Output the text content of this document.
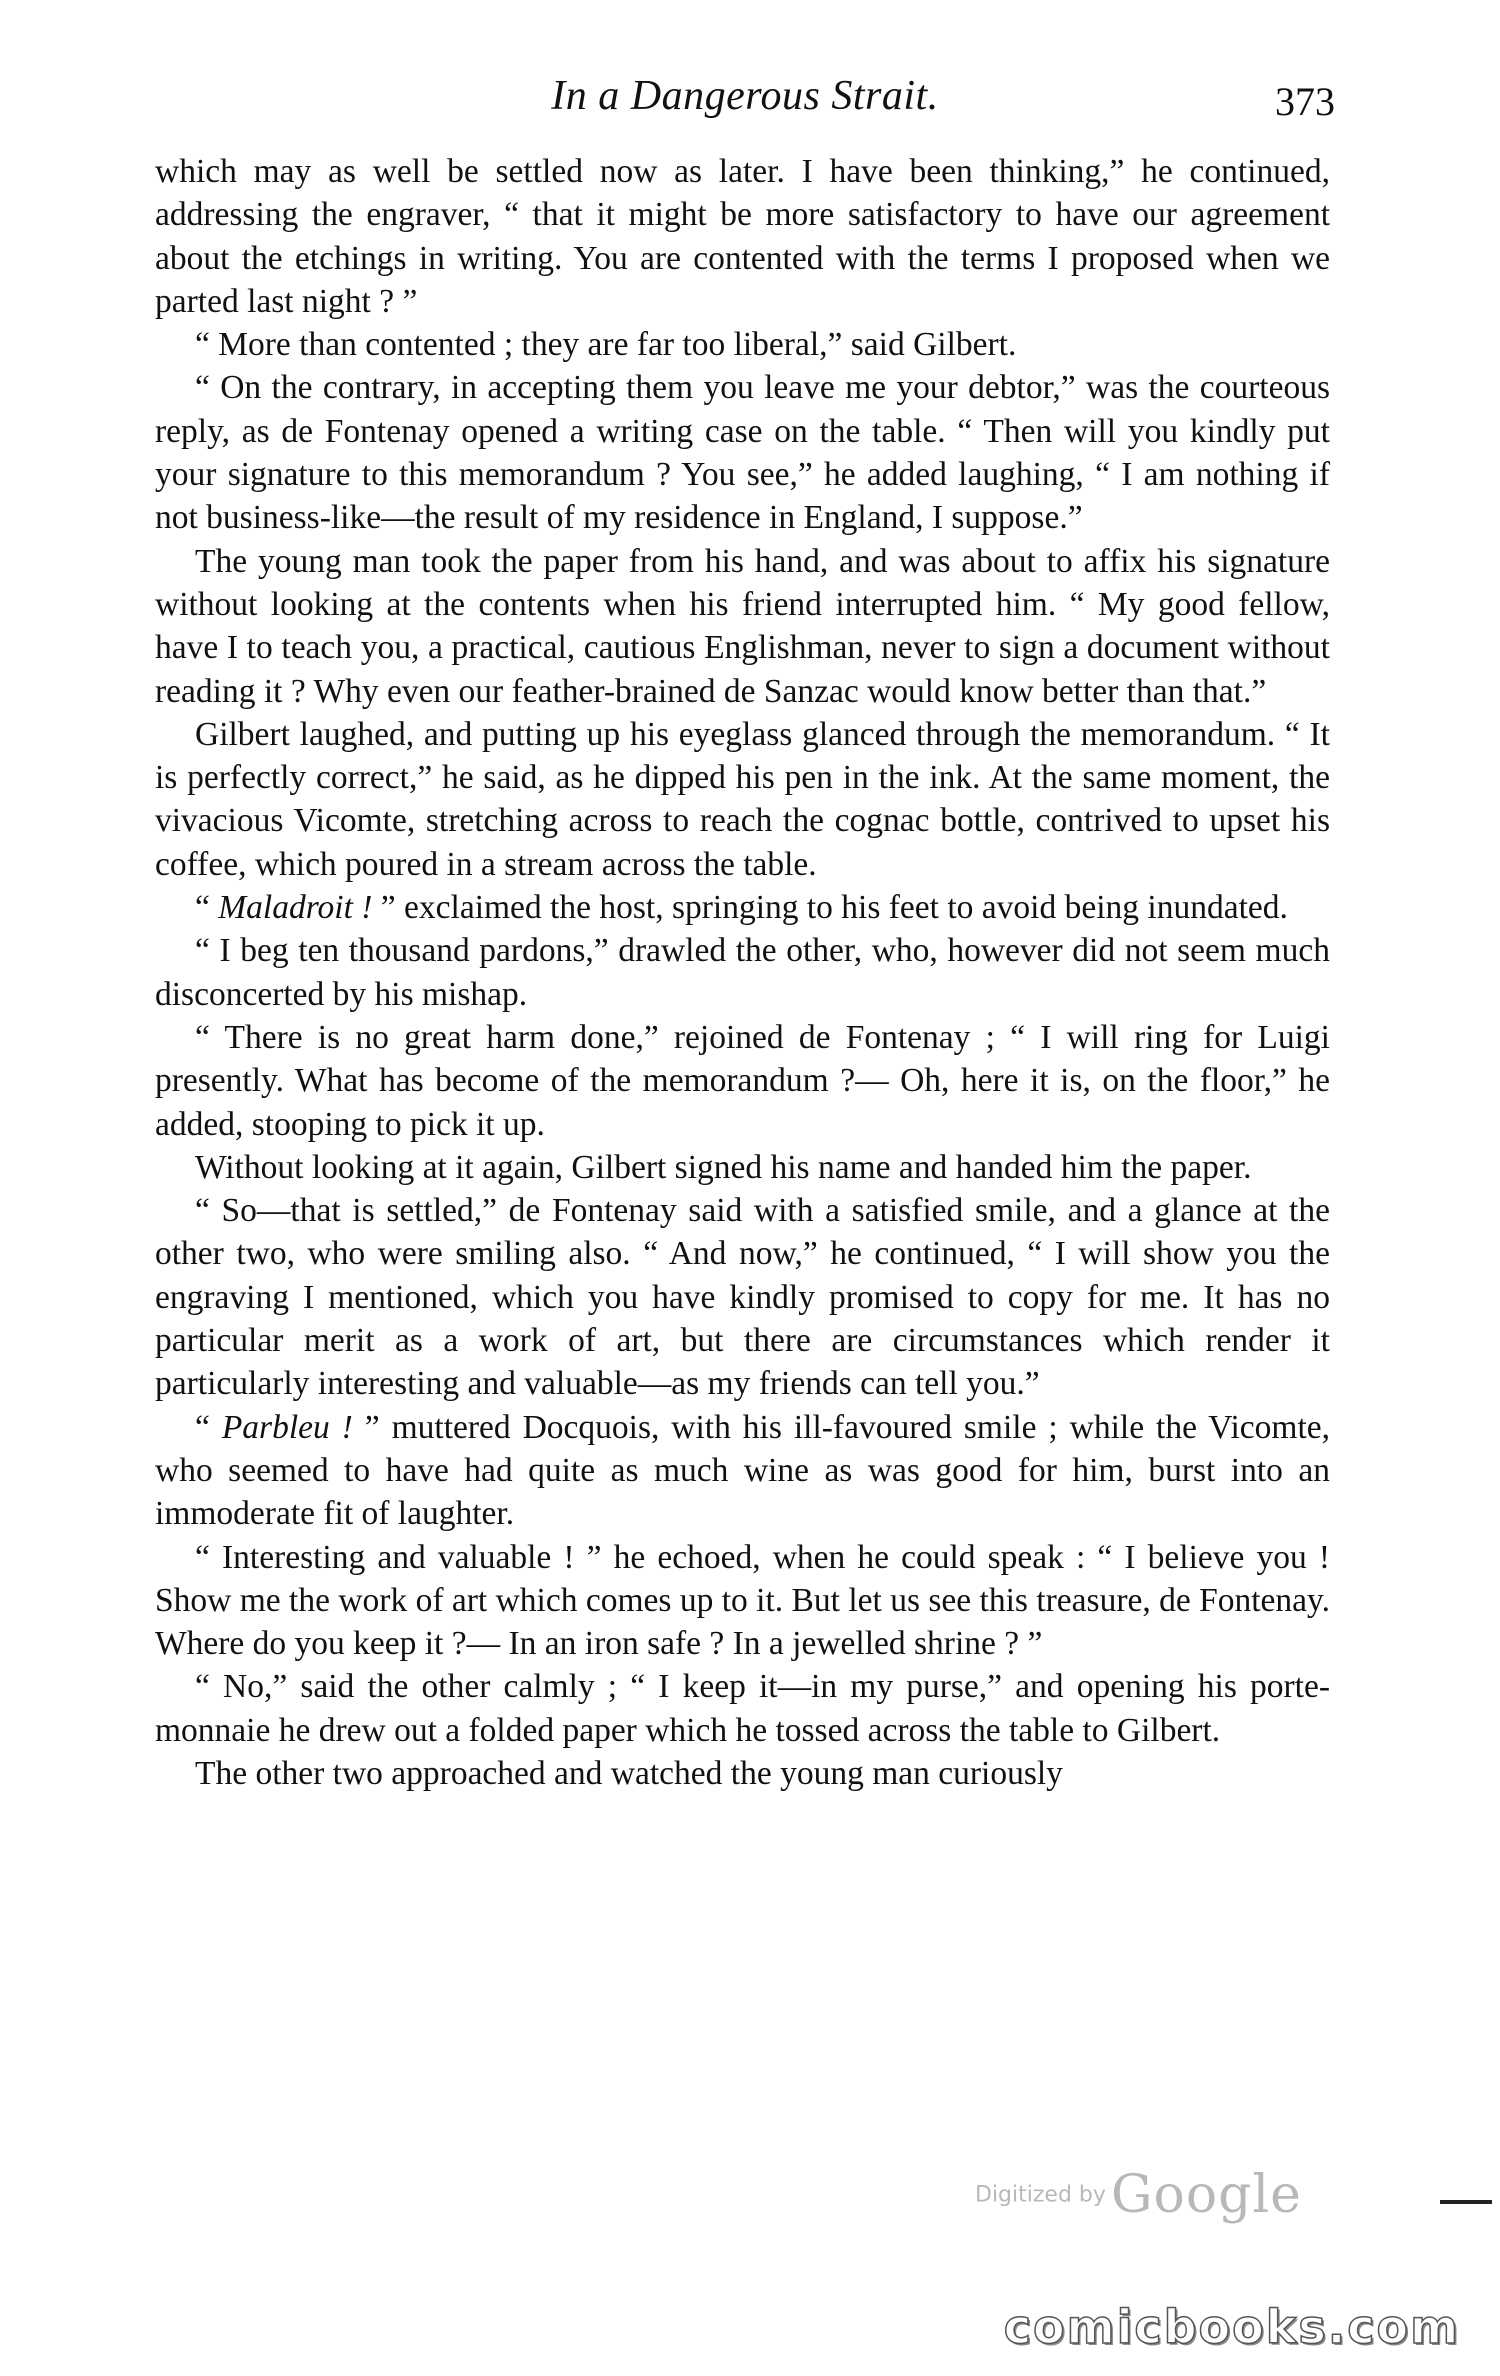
In a Dangerous Strait.	373

which may as well be settled now as later. I have been thinking,” he continued, addressing the engraver, “ that it might be more satisfactory to have our agreement about the etchings in writing. You are contented with the terms I proposed when we parted last night ? ”

“ More than contented ; they are far too liberal,” said Gilbert.

“ On the contrary, in accepting them you leave me your debtor,” was the courteous reply, as de Fontenay opened a writing case on the table. “ Then will you kindly put your signature to this memorandum ? You see,” he added laughing, “ I am nothing if not business-like—the result of my residence in England, I suppose.”

The young man took the paper from his hand, and was about to affix his signature without looking at the contents when his friend interrupted him. “ My good fellow, have I to teach you, a practical, cautious Englishman, never to sign a document without reading it ? Why even our feather-brained de Sanzac would know better than that.”

Gilbert laughed, and putting up his eyeglass glanced through the memorandum. “ It is perfectly correct,” he said, as he dipped his pen in the ink. At the same moment, the vivacious Vicomte, stretching across to reach the cognac bottle, contrived to upset his coffee, which poured in a stream across the table.

“ Maladroit ! ” exclaimed the host, springing to his feet to avoid being inundated.

“ I beg ten thousand pardons,” drawled the other, who, however did not seem much disconcerted by his mishap.

“ There is no great harm done,” rejoined de Fontenay ; “ I will ring for Luigi presently. What has become of the memorandum ?— Oh, here it is, on the floor,” he added, stooping to pick it up.

Without looking at it again, Gilbert signed his name and handed him the paper.

“ So—that is settled,” de Fontenay said with a satisfied smile, and a glance at the other two, who were smiling also. “ And now,” he continued, “ I will show you the engraving I mentioned, which you have kindly promised to copy for me. It has no particular merit as a work of art, but there are circumstances which render it particularly interesting and valuable—as my friends can tell you.”

“ Parbleu ! ” muttered Docquois, with his ill-favoured smile ; while the Vicomte, who seemed to have had quite as much wine as was good for him, burst into an immoderate fit of laughter.

“ Interesting and valuable ! ” he echoed, when he could speak : “ I believe you ! Show me the work of art which comes up to it. But let us see this treasure, de Fontenay. Where do you keep it ?— In an iron safe ? In a jewelled shrine ? ”

“ No,” said the other calmly ; “ I keep it—in my purse,” and opening his porte-monnaie he drew out a folded paper which he tossed across the table to Gilbert.

The other two approached and watched the young man curiously

Digitized by Google
comicbooks.com
